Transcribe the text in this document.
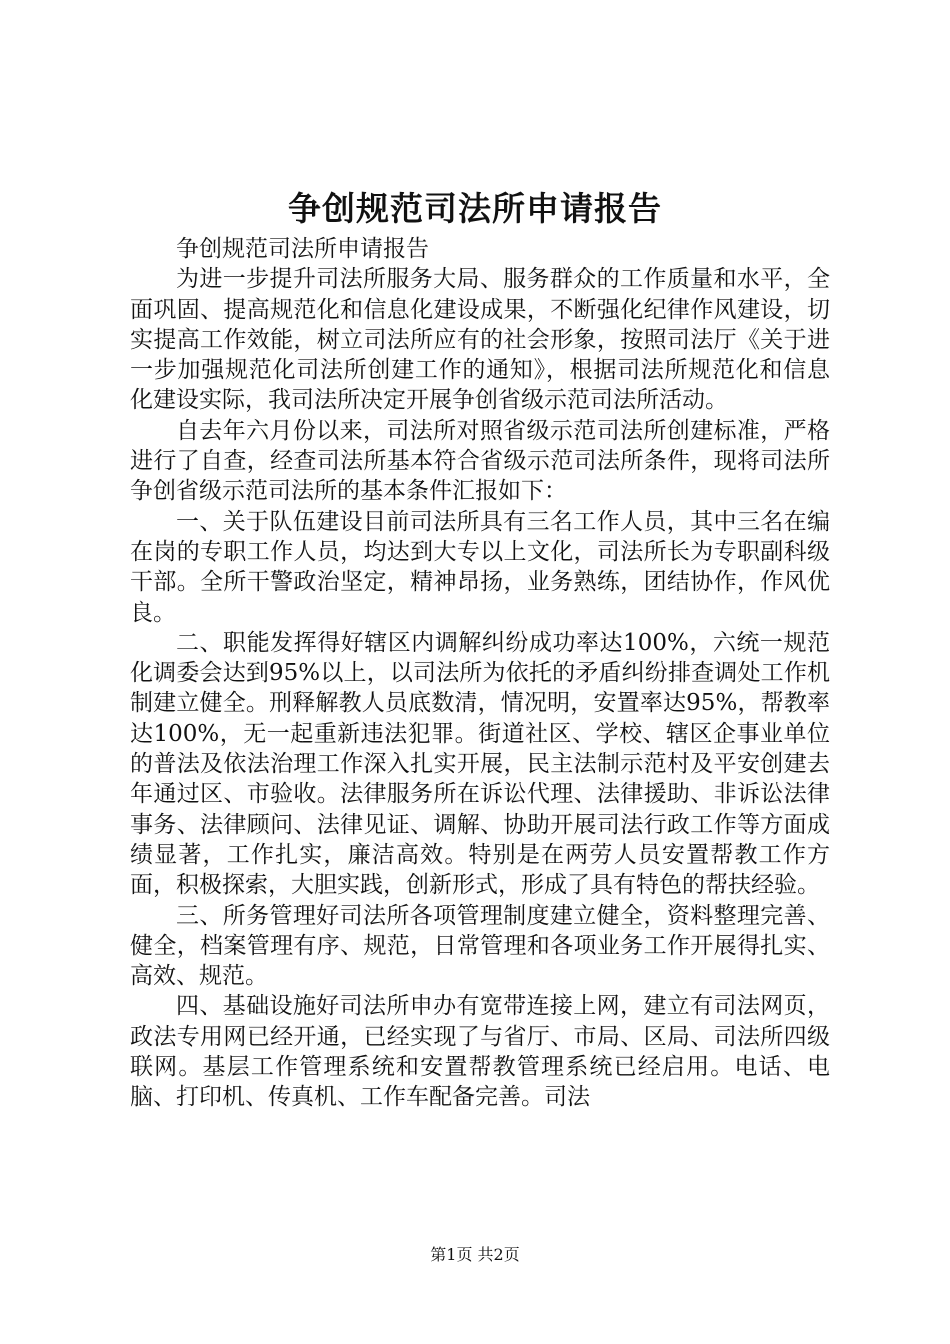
争创规范司法所申请报告

争创规范司法所申请报告

为进一步提升司法所服务大局、服务群众的工作质量和水平，全面巩固、提高规范化和信息化建设成果，不断强化纪律作风建设，切实提高工作效能，树立司法所应有的社会形象，按照司法厅《关于进一步加强规范化司法所创建工作的通知》，根据司法所规范化和信息化建设实际，我司法所决定开展争创省级示范司法所活动。

自去年六月份以来，司法所对照省级示范司法所创建标准，严格进行了自查，经查司法所基本符合省级示范司法所条件，现将司法所争创省级示范司法所的基本条件汇报如下：

一、关于队伍建设目前司法所具有三名工作人员，其中三名在编在岗的专职工作人员，均达到大专以上文化，司法所长为专职副科级干部。全所干警政治坚定，精神昂扬，业务熟练，团结协作，作风优良。

二、职能发挥得好辖区内调解纠纷成功率达100%，六统一规范化调委会达到95%以上，以司法所为依托的矛盾纠纷排查调处工作机制建立健全。刑释解教人员底数清，情况明，安置率达95%，帮教率达100%，无一起重新违法犯罪。街道社区、学校、辖区企事业单位的普法及依法治理工作深入扎实开展，民主法制示范村及平安创建去年通过区、市验收。法律服务所在诉讼代理、法律援助、非诉讼法律事务、法律顾问、法律见证、调解、协助开展司法行政工作等方面成绩显著，工作扎实，廉洁高效。特别是在两劳人员安置帮教工作方面，积极探索，大胆实践，创新形式，形成了具有特色的帮扶经验。

三、所务管理好司法所各项管理制度建立健全，资料整理完善、健全，档案管理有序、规范，日常管理和各项业务工作开展得扎实、高效、规范。

四、基础设施好司法所申办有宽带连接上网，建立有司法网页，政法专用网已经开通，已经实现了与省厅、市局、区局、司法所四级联网。基层工作管理系统和安置帮教管理系统已经启用。电话、电脑、打印机、传真机、工作车配备完善。司法

第1页 共2页
